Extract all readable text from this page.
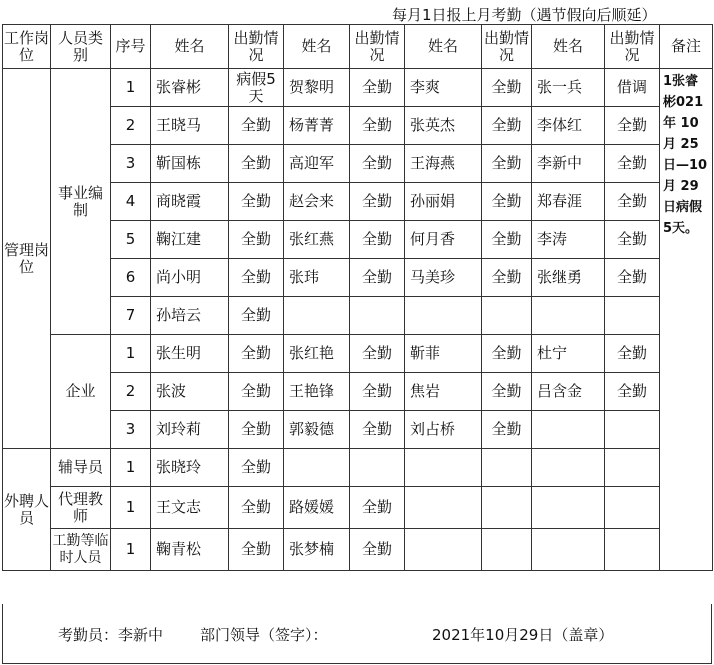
每月1日报上月考勤（遇节假向后顺延）
工作岗位	人员类别	序号	姓名	出勤情况	姓名	出勤情况	姓名	出勤情况	姓名	出勤情况	备注
管理岗位	事业编制	1	张睿彬	病假5天	贺黎明	全勤	李爽	全勤	张一兵	借调	1张睿彬021年 10月 25日—10月 29日病假5天。

		2	王晓马	全勤	杨菁菁	全勤	张英杰	全勤	李体红	全勤	
		3	靳国栋	全勤	高迎军	全勤	王海燕	全勤	李新中	全勤	
		4	商晓霞	全勤	赵会来	全勤	孙丽娟	全勤	郑春涯	全勤	
		5	鞠江建	全勤	张红燕	全勤	何月香	全勤	李涛	全勤	
		6	尚小明	全勤	张玮	全勤	马美珍	全勤	张继勇	全勤	
		7	孙培云	全勤							
	企业	1	张生明	全勤	张红艳	全勤	靳菲	全勤	杜宁	全勤	
		2	张波	全勤	王艳锋	全勤	焦岩	全勤	吕含金	全勤	
		3	刘玲莉	全勤	郭毅德	全勤	刘占桥	全勤			
外聘人员	辅导员	1	张晓玲	全勤							
	代理教师	1	王文志	全勤	路媛媛	全勤					
	工勤等临时人员	1	鞠青松	全勤	张梦楠	全勤					
考勤员：李新中 部门领导（签字）：	2021年10月29日（盖章）
